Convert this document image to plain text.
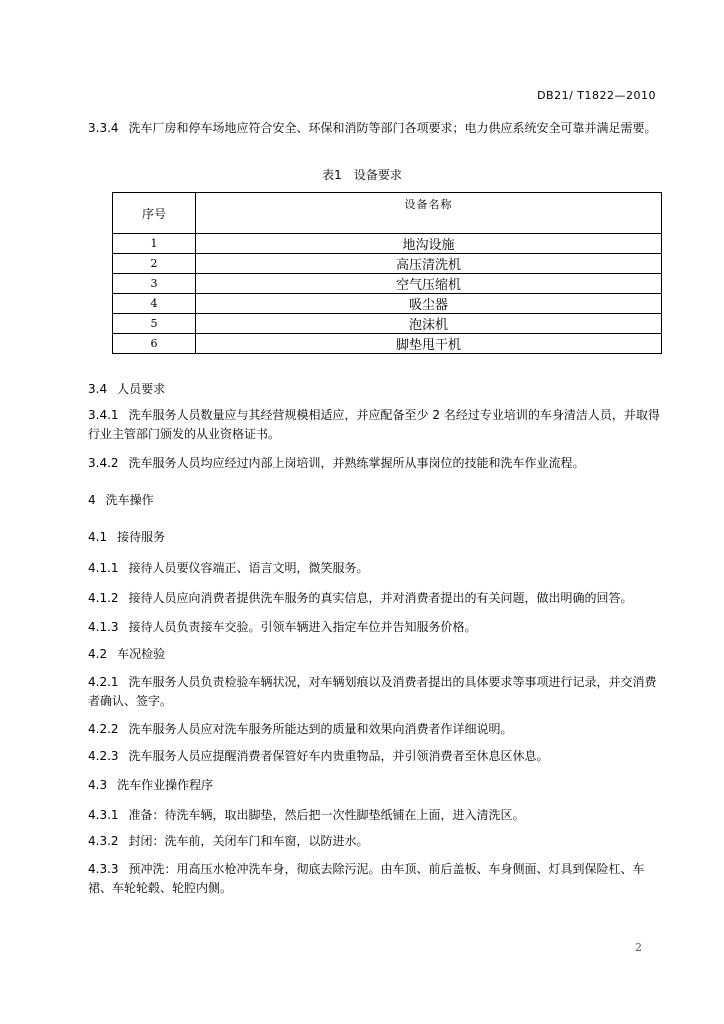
DB21/ T1822—2010

3.3.4 洗车厂房和停车场地应符合安全、环保和消防等部门各项要求；电力供应系统安全可靠并满足需要。

表1 设备要求
序号	设备名称
1	地沟设施
2	高压清洗机
3	空气压缩机
4	吸尘器
5	泡沫机
6	脚垫甩干机

3.4 人员要求

3.4.1 洗车服务人员数量应与其经营规模相适应，并应配备至少 2 名经过专业培训的车身清洁人员，并取得行业主管部门颁发的从业资格证书。

3.4.2 洗车服务人员均应经过内部上岗培训，并熟练掌握所从事岗位的技能和洗车作业流程。

4 洗车操作

4.1 接待服务

4.1.1 接待人员要仪容端正、语言文明，微笑服务。

4.1.2 接待人员应向消费者提供洗车服务的真实信息，并对消费者提出的有关问题，做出明确的回答。

4.1.3 接待人员负责接车交验。引领车辆进入指定车位并告知服务价格。

4.2 车况检验

4.2.1 洗车服务人员负责检验车辆状况，对车辆划痕以及消费者提出的具体要求等事项进行记录，并交消费者确认、签字。

4.2.2 洗车服务人员应对洗车服务所能达到的质量和效果向消费者作详细说明。

4.2.3 洗车服务人员应提醒消费者保管好车内贵重物品，并引领消费者至休息区休息。

4.3 洗车作业操作程序

4.3.1 准备：待洗车辆，取出脚垫，然后把一次性脚垫纸铺在上面，进入清洗区。

4.3.2 封闭：洗车前，关闭车门和车窗，以防进水。

4.3.3 预冲洗：用高压水枪冲洗车身，彻底去除污泥。由车顶、前后盖板、车身侧面、灯具到保险杠、车裙、车轮轮毂、轮腔内侧。

2
